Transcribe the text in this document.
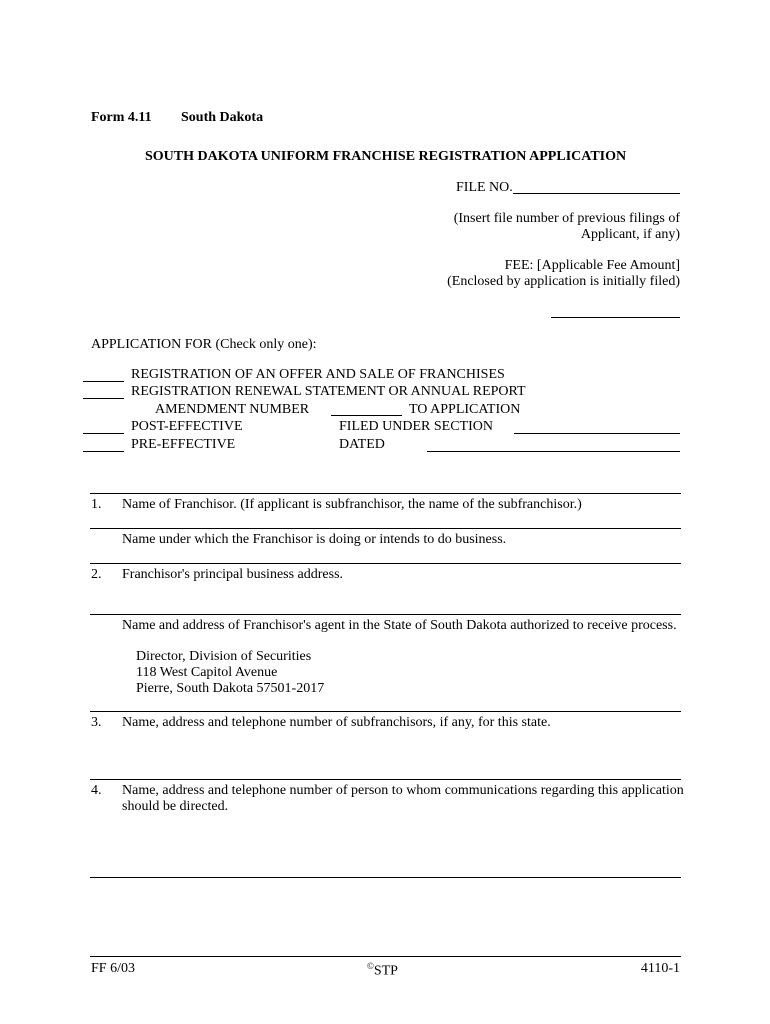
Form 4.11 South Dakota
SOUTH DAKOTA UNIFORM FRANCHISE REGISTRATION APPLICATION
FILE NO.
(Insert file number of previous filings of
Applicant, if any)
FEE: [Applicable Fee Amount]
(Enclosed by application is initially filed)
APPLICATION FOR (Check only one):
REGISTRATION OF AN OFFER AND SALE OF FRANCHISES
REGISTRATION RENEWAL STATEMENT OR ANNUAL REPORT
AMENDMENT NUMBER	TO APPLICATION
POST-EFFECTIVE	FILED UNDER SECTION
PRE-EFFECTIVE	DATED
1. Name of Franchisor. (If applicant is subfranchisor, the name of the subfranchisor.)
Name under which the Franchisor is doing or intends to do business.
2. Franchisor's principal business address.
Name and address of Franchisor's agent in the State of South Dakota authorized to receive process.
Director, Division of Securities
118 West Capitol Avenue
Pierre, South Dakota 57501-2017
3. Name, address and telephone number of subfranchisors, if any, for this state.
4. Name, address and telephone number of person to whom communications regarding this application
should be directed.
FF 6/03	©STP	4110-1
